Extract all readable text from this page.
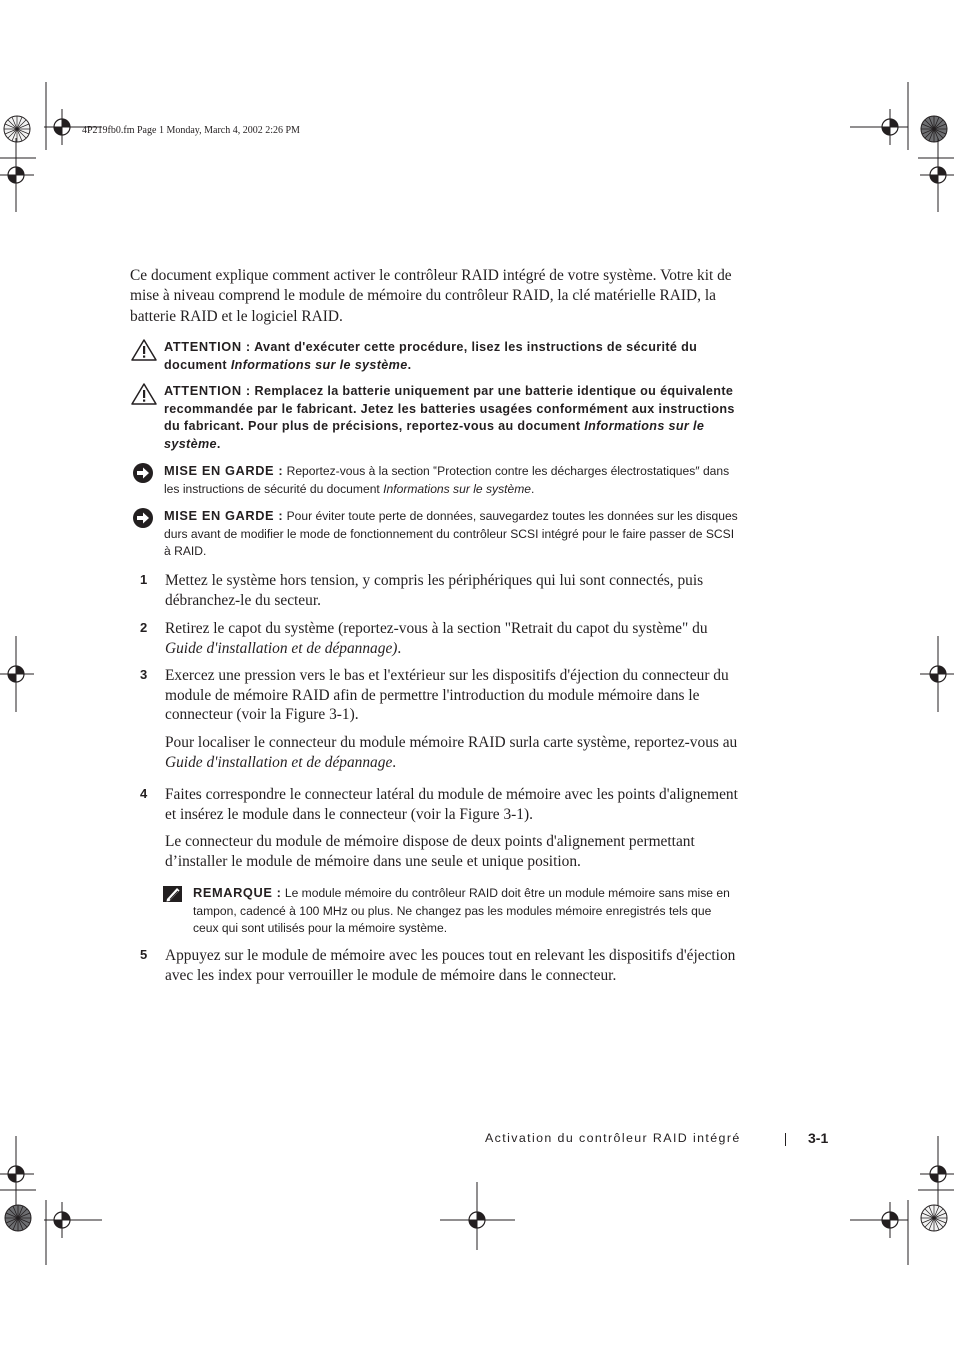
4P219fb0.fm Page 1 Monday, March 4, 2002 2:26 PM
Ce document explique comment activer le contrôleur RAID intégré de votre système. Votre kit de mise à niveau comprend le module de mémoire du contrôleur RAID, la clé matérielle RAID, la batterie RAID et le logiciel RAID.
ATTENTION : Avant d'exécuter cette procédure, lisez les instructions de sécurité du document Informations sur le système.
ATTENTION : Remplacez la batterie uniquement par une batterie identique ou équivalente recommandée par le fabricant. Jetez les batteries usagées conformément aux instructions du fabricant. Pour plus de précisions, reportez-vous au document Informations sur le système.
MISE EN GARDE : Reportez-vous à la section ‟Protection contre les décharges électrostatiques″ dans les instructions de sécurité du document Informations sur le système.
MISE EN GARDE : Pour éviter toute perte de données, sauvegardez toutes les données sur les disques durs avant de modifier le mode de fonctionnement du contrôleur SCSI intégré pour le faire passer de SCSI à RAID.
1 Mettez le système hors tension, y compris les périphériques qui lui sont connectés, puis débranchez-le du secteur.
2 Retirez le capot du système (reportez-vous à la section "Retrait du capot du système" du Guide d'installation et de dépannage).
3 Exercez une pression vers le bas et l'extérieur sur les dispositifs d'éjection du connecteur du module de mémoire RAID afin de permettre l'introduction du module mémoire dans le connecteur (voir la Figure 3-1).
Pour localiser le connecteur du module mémoire RAID surla carte système, reportez-vous au Guide d'installation et de dépannage.
4 Faites correspondre le connecteur latéral du module de mémoire avec les points d'alignement et insérez le module dans le connecteur (voir la Figure 3-1).
Le connecteur du module de mémoire dispose de deux points d'alignement permettant d’installer le module de mémoire dans une seule et unique position.
REMARQUE : Le module mémoire du contrôleur RAID doit être un module mémoire sans mise en tampon, cadencé à 100 MHz ou plus. Ne changez pas les modules mémoire enregistrés tels que ceux qui sont utilisés pour la mémoire système.
5 Appuyez sur le module de mémoire avec les pouces tout en relevant les dispositifs d'éjection avec les index pour verrouiller le module de mémoire dans le connecteur.
Activation du contrôleur RAID intégré	3-1
